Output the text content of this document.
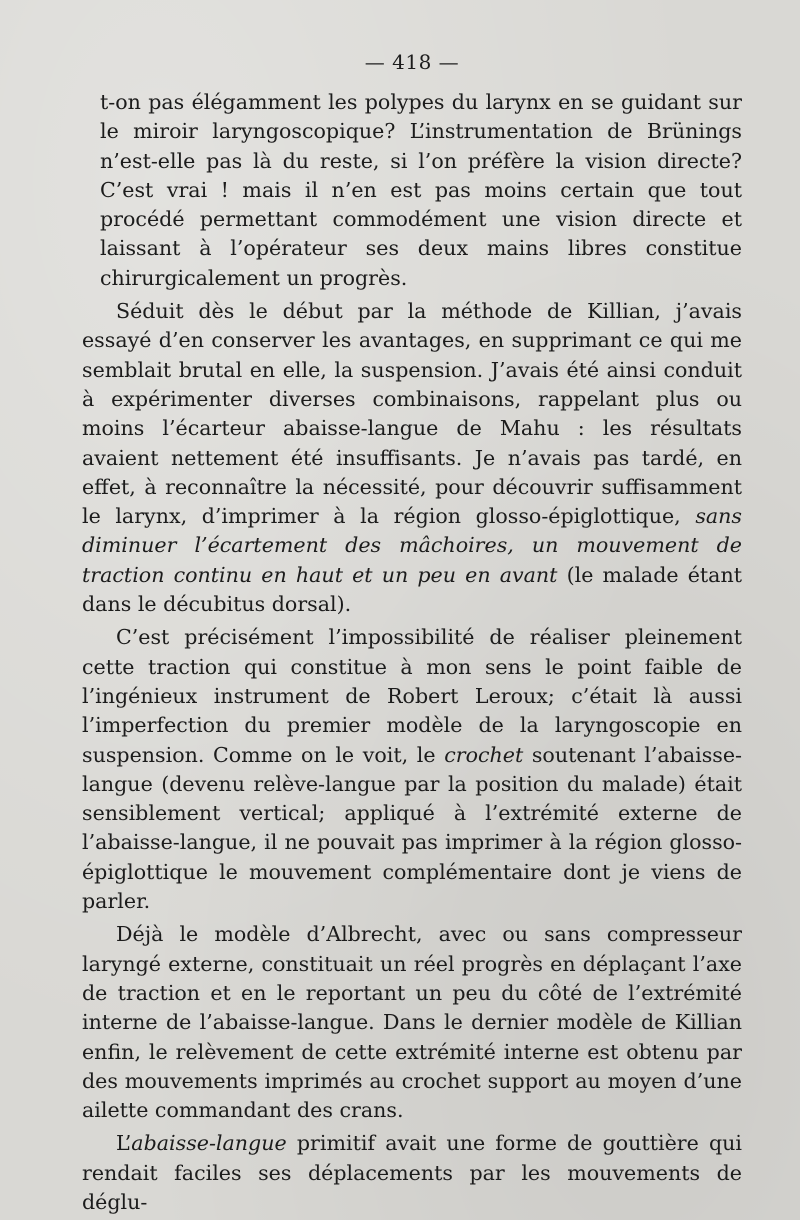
— 418 —

t-on pas élégamment les polypes du larynx en se guidant sur le miroir laryngoscopique? L’instrumentation de Brünings n’est-elle pas là du reste, si l’on préfère la vision directe? C’est vrai ! mais il n’en est pas moins certain que tout procédé permettant commodément une vision directe et laissant à l’opérateur ses deux mains libres constitue chirurgicalement un progrès.

Séduit dès le début par la méthode de Killian, j’avais essayé d’en conserver les avantages, en supprimant ce qui me semblait brutal en elle, la suspension. J’avais été ainsi conduit à expérimenter diverses combinaisons, rappelant plus ou moins l’écarteur abaisse-langue de Mahu : les résultats avaient nettement été insuffisants. Je n’avais pas tardé, en effet, à reconnaître la nécessité, pour découvrir suffisamment le larynx, d’imprimer à la région glosso-épiglottique, sans diminuer l’écartement des mâchoires, un mouvement de traction continu en haut et un peu en avant (le malade étant dans le décubitus dorsal).

C’est précisément l’impossibilité de réaliser pleinement cette traction qui constitue à mon sens le point faible de l’ingénieux instrument de Robert Leroux; c’était là aussi l’imperfection du premier modèle de la laryngoscopie en suspension. Comme on le voit, le crochet soutenant l’abaisse-langue (devenu relève-langue par la position du malade) était sensiblement vertical; appliqué à l’extrémité externe de l’abaisse-langue, il ne pouvait pas imprimer à la région glosso-épiglottique le mouvement complémentaire dont je viens de parler.

Déjà le modèle d’Albrecht, avec ou sans compresseur laryngé externe, constituait un réel progrès en déplaçant l’axe de traction et en le reportant un peu du côté de l’extrémité interne de l’abaisse-langue. Dans le dernier modèle de Killian enfin, le relèvement de cette extrémité interne est obtenu par des mouvements imprimés au crochet support au moyen d’une ailette commandant des crans.

L’abaisse-langue primitif avait une forme de gouttière qui rendait faciles ses déplacements par les mouvements de déglu-
